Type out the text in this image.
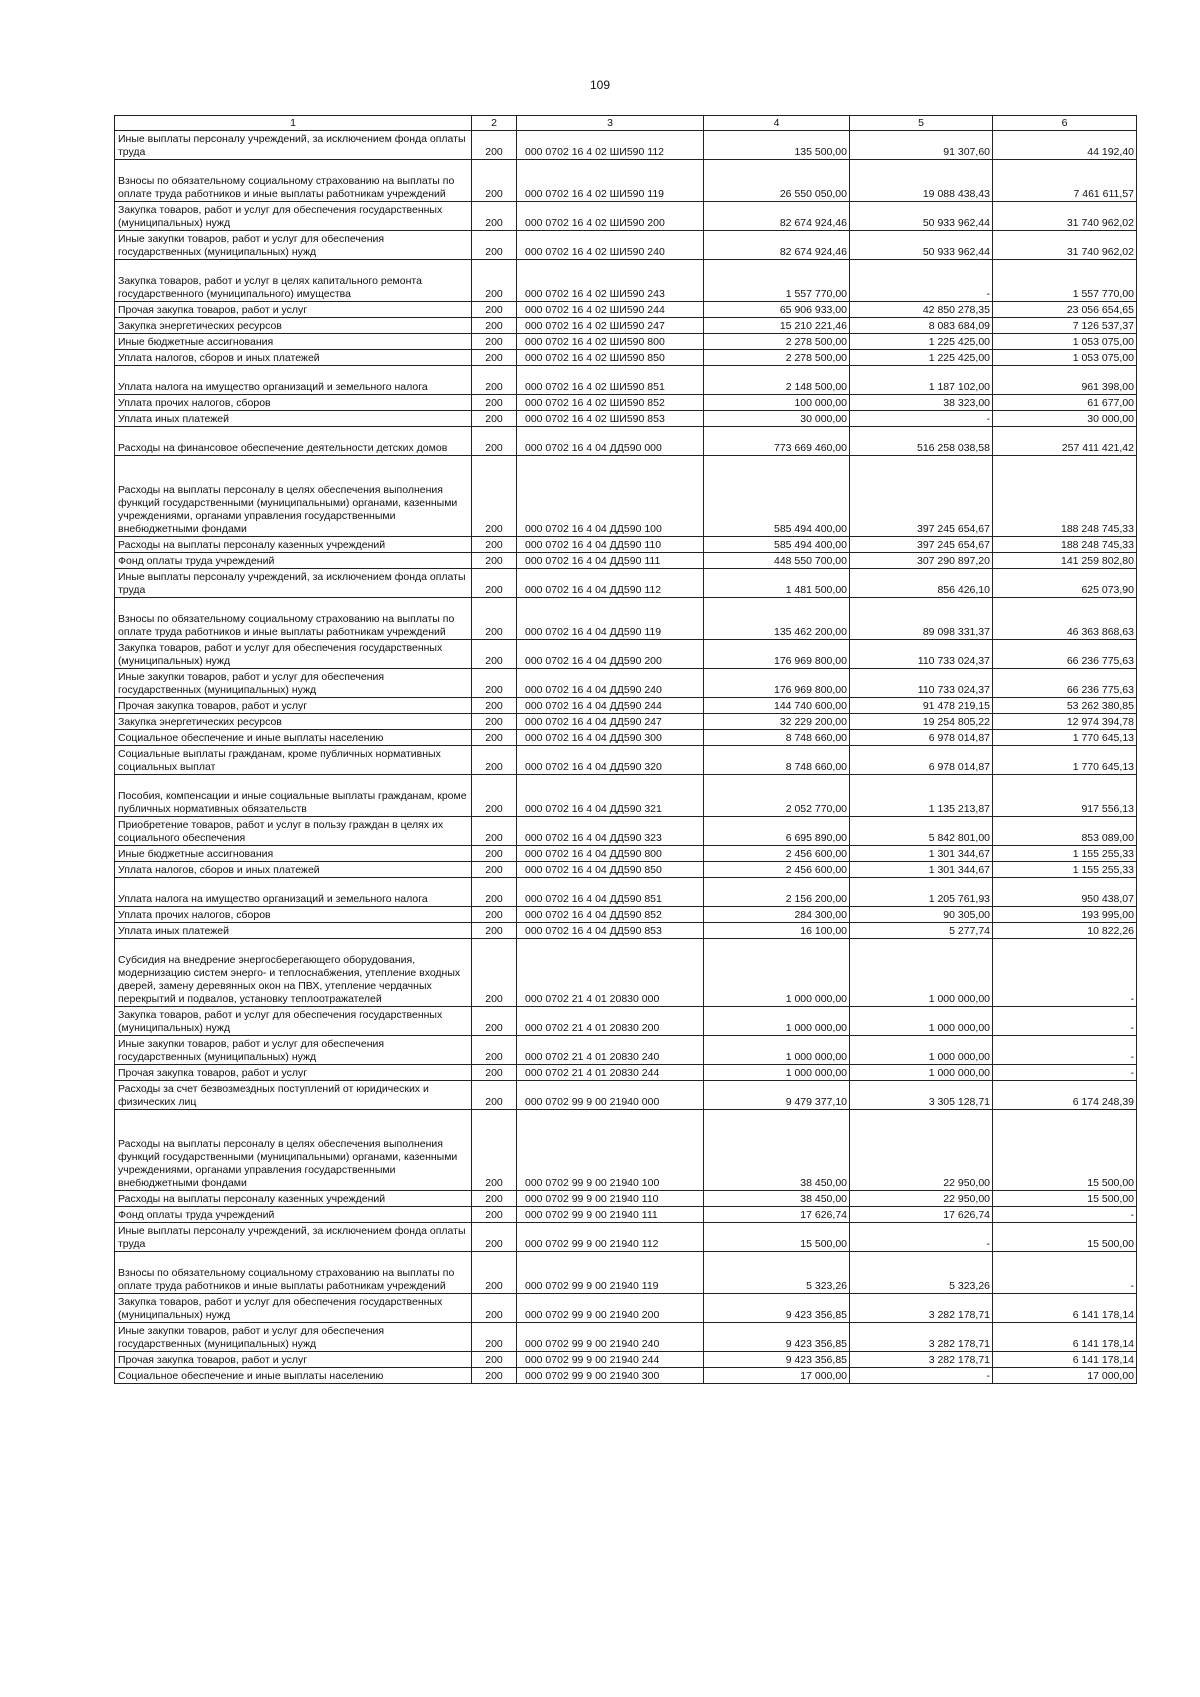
109
1	2	3	4	5	6
Иные выплаты персоналу учреждений, за исключением фонда оплаты труда	200	000 0702 16 4 02 ШИ590 112	135 500,00	91 307,60	44 192,40
Взносы по обязательному социальному страхованию на выплаты по оплате труда работников и иные выплаты работникам учреждений	200	000 0702 16 4 02 ШИ590 119	26 550 050,00	19 088 438,43	7 461 611,57
Закупка товаров, работ и услуг для обеспечения государственных (муниципальных) нужд	200	000 0702 16 4 02 ШИ590 200	82 674 924,46	50 933 962,44	31 740 962,02
Иные закупки товаров, работ и услуг для обеспечения государственных (муниципальных) нужд	200	000 0702 16 4 02 ШИ590 240	82 674 924,46	50 933 962,44	31 740 962,02
Закупка товаров, работ и услуг в целях капитального ремонта государственного (муниципального) имущества	200	000 0702 16 4 02 ШИ590 243	1 557 770,00	-	1 557 770,00
Прочая закупка товаров, работ и услуг	200	000 0702 16 4 02 ШИ590 244	65 906 933,00	42 850 278,35	23 056 654,65
Закупка энергетических ресурсов	200	000 0702 16 4 02 ШИ590 247	15 210 221,46	8 083 684,09	7 126 537,37
Иные бюджетные ассигнования	200	000 0702 16 4 02 ШИ590 800	2 278 500,00	1 225 425,00	1 053 075,00
Уплата налогов, сборов и иных платежей	200	000 0702 16 4 02 ШИ590 850	2 278 500,00	1 225 425,00	1 053 075,00
Уплата налога на имущество организаций и земельного налога	200	000 0702 16 4 02 ШИ590 851	2 148 500,00	1 187 102,00	961 398,00
Уплата прочих налогов, сборов	200	000 0702 16 4 02 ШИ590 852	100 000,00	38 323,00	61 677,00
Уплата иных платежей	200	000 0702 16 4 02 ШИ590 853	30 000,00	-	30 000,00
Расходы на финансовое обеспечение деятельности детских домов	200	000 0702 16 4 04 ДД590 000	773 669 460,00	516 258 038,58	257 411 421,42
Расходы на выплаты персоналу в целях обеспечения выполнения функций государственными (муниципальными) органами, казенными учреждениями, органами управления государственными внебюджетными фондами	200	000 0702 16 4 04 ДД590 100	585 494 400,00	397 245 654,67	188 248 745,33
Расходы на выплаты персоналу казенных учреждений	200	000 0702 16 4 04 ДД590 110	585 494 400,00	397 245 654,67	188 248 745,33
Фонд оплаты труда учреждений	200	000 0702 16 4 04 ДД590 111	448 550 700,00	307 290 897,20	141 259 802,80
Иные выплаты персоналу учреждений, за исключением фонда оплаты труда	200	000 0702 16 4 04 ДД590 112	1 481 500,00	856 426,10	625 073,90
Взносы по обязательному социальному страхованию на выплаты по оплате труда работников и иные выплаты работникам учреждений	200	000 0702 16 4 04 ДД590 119	135 462 200,00	89 098 331,37	46 363 868,63
Закупка товаров, работ и услуг для обеспечения государственных (муниципальных) нужд	200	000 0702 16 4 04 ДД590 200	176 969 800,00	110 733 024,37	66 236 775,63
Иные закупки товаров, работ и услуг для обеспечения государственных (муниципальных) нужд	200	000 0702 16 4 04 ДД590 240	176 969 800,00	110 733 024,37	66 236 775,63
Прочая закупка товаров, работ и услуг	200	000 0702 16 4 04 ДД590 244	144 740 600,00	91 478 219,15	53 262 380,85
Закупка энергетических ресурсов	200	000 0702 16 4 04 ДД590 247	32 229 200,00	19 254 805,22	12 974 394,78
Социальное обеспечение и иные выплаты населению	200	000 0702 16 4 04 ДД590 300	8 748 660,00	6 978 014,87	1 770 645,13
Социальные выплаты гражданам, кроме публичных нормативных социальных выплат	200	000 0702 16 4 04 ДД590 320	8 748 660,00	6 978 014,87	1 770 645,13
Пособия, компенсации и иные социальные выплаты гражданам, кроме публичных нормативных обязательств	200	000 0702 16 4 04 ДД590 321	2 052 770,00	1 135 213,87	917 556,13
Приобретение товаров, работ и услуг в пользу граждан в целях их социального обеспечения	200	000 0702 16 4 04 ДД590 323	6 695 890,00	5 842 801,00	853 089,00
Иные бюджетные ассигнования	200	000 0702 16 4 04 ДД590 800	2 456 600,00	1 301 344,67	1 155 255,33
Уплата налогов, сборов и иных платежей	200	000 0702 16 4 04 ДД590 850	2 456 600,00	1 301 344,67	1 155 255,33
Уплата налога на имущество организаций и земельного налога	200	000 0702 16 4 04 ДД590 851	2 156 200,00	1 205 761,93	950 438,07
Уплата прочих налогов, сборов	200	000 0702 16 4 04 ДД590 852	284 300,00	90 305,00	193 995,00
Уплата иных платежей	200	000 0702 16 4 04 ДД590 853	16 100,00	5 277,74	10 822,26
Субсидия на внедрение энергосберегающего оборудования, модернизацию систем энерго- и теплоснабжения, утепление входных дверей, замену деревянных окон на ПВХ, утепление чердачных перекрытий и подвалов, установку теплоотражателей	200	000 0702 21 4 01 20830 000	1 000 000,00	1 000 000,00	-
Закупка товаров, работ и услуг для обеспечения государственных (муниципальных) нужд	200	000 0702 21 4 01 20830 200	1 000 000,00	1 000 000,00	-
Иные закупки товаров, работ и услуг для обеспечения государственных (муниципальных) нужд	200	000 0702 21 4 01 20830 240	1 000 000,00	1 000 000,00	-
Прочая закупка товаров, работ и услуг	200	000 0702 21 4 01 20830 244	1 000 000,00	1 000 000,00	-
Расходы за счет безвозмездных поступлений от юридических и физических лиц	200	000 0702 99 9 00 21940 000	9 479 377,10	3 305 128,71	6 174 248,39
Расходы на выплаты персоналу в целях обеспечения выполнения функций государственными (муниципальными) органами, казенными учреждениями, органами управления государственными внебюджетными фондами	200	000 0702 99 9 00 21940 100	38 450,00	22 950,00	15 500,00
Расходы на выплаты персоналу казенных учреждений	200	000 0702 99 9 00 21940 110	38 450,00	22 950,00	15 500,00
Фонд оплаты труда учреждений	200	000 0702 99 9 00 21940 111	17 626,74	17 626,74	-
Иные выплаты персоналу учреждений, за исключением фонда оплаты труда	200	000 0702 99 9 00 21940 112	15 500,00	-	15 500,00
Взносы по обязательному социальному страхованию на выплаты по оплате труда работников и иные выплаты работникам учреждений	200	000 0702 99 9 00 21940 119	5 323,26	5 323,26	-
Закупка товаров, работ и услуг для обеспечения государственных (муниципальных) нужд	200	000 0702 99 9 00 21940 200	9 423 356,85	3 282 178,71	6 141 178,14
Иные закупки товаров, работ и услуг для обеспечения государственных (муниципальных) нужд	200	000 0702 99 9 00 21940 240	9 423 356,85	3 282 178,71	6 141 178,14
Прочая закупка товаров, работ и услуг	200	000 0702 99 9 00 21940 244	9 423 356,85	3 282 178,71	6 141 178,14
Социальное обеспечение и иные выплаты населению	200	000 0702 99 9 00 21940 300	17 000,00	-	17 000,00
